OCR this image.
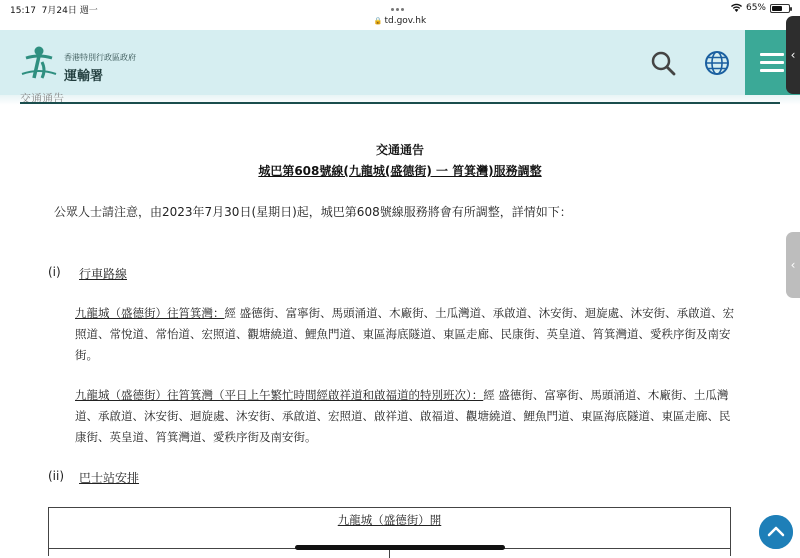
15:17 7月24日 週一	65%
🔒 td.gov.hk
香港特別行政區政府
運輸署
‹
‹
交通通告
城巴第608號線(九龍城(盛德街) 一 筲箕灣)服務調整
公眾人士請注意，由2023年7月30日(星期日)起，城巴第608號線服務將會有所調整，詳情如下：
(i) 行車路線
九龍城（盛德街）往筲箕灣：經 盛德街、富寧街、馬頭涌道、木廠街、土瓜灣道、承啟道、沐安街、迴旋處、沐安街、承啟道、宏
照道、常悅道、常怡道、宏照道、觀塘繞道、鯉魚門道、東區海底隧道、東區走廊、民康街、英皇道、筲箕灣道、愛秩序街及南安
街。
九龍城（盛德街）往筲箕灣（平日上午繁忙時間經啟祥道和啟福道的特別班次）：經 盛德街、富寧街、馬頭涌道、木廠街、土瓜灣
道、承啟道、沐安街、迴旋處、沐安街、承啟道、宏照道、啟祥道、啟福道、觀塘繞道、鯉魚門道、東區海底隧道、東區走廊、民
康街、英皇道、筲箕灣道、愛秩序街及南安街。
(ii) 巴士站安排
九龍城（盛德街）開
